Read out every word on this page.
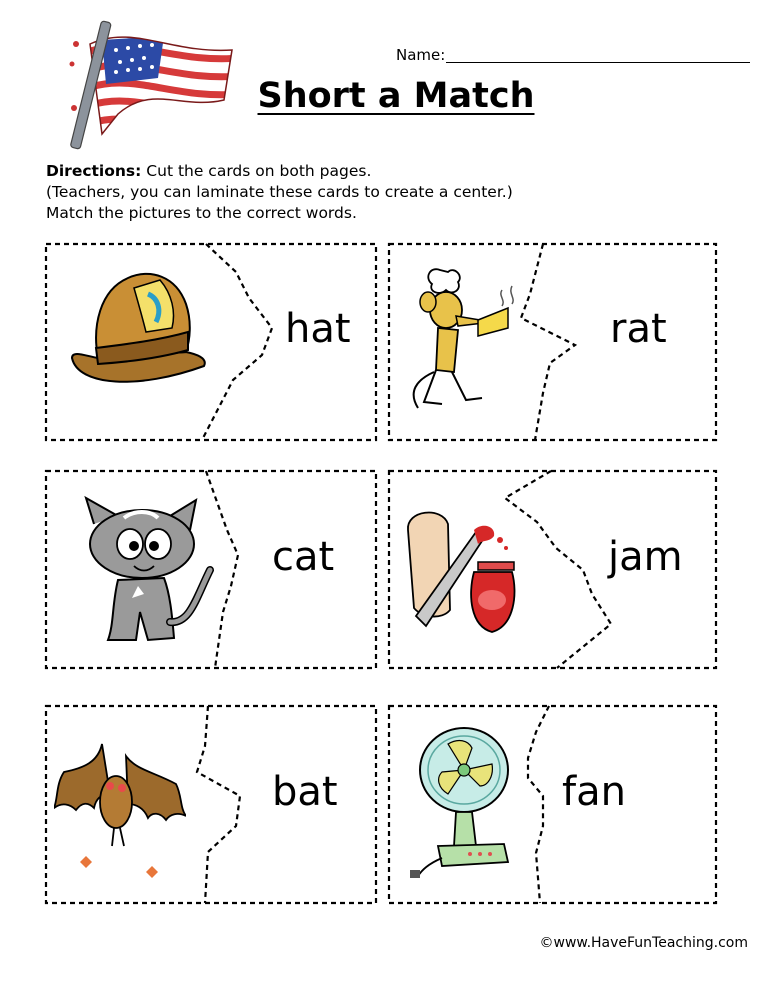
Name:
Short a Match
Directions: Cut the cards on both pages.
(Teachers, you can laminate these cards to create a center.)
Match the pictures to the correct words.
hat	rat
cat	jam
bat	fan
©www.HaveFunTeaching.com
